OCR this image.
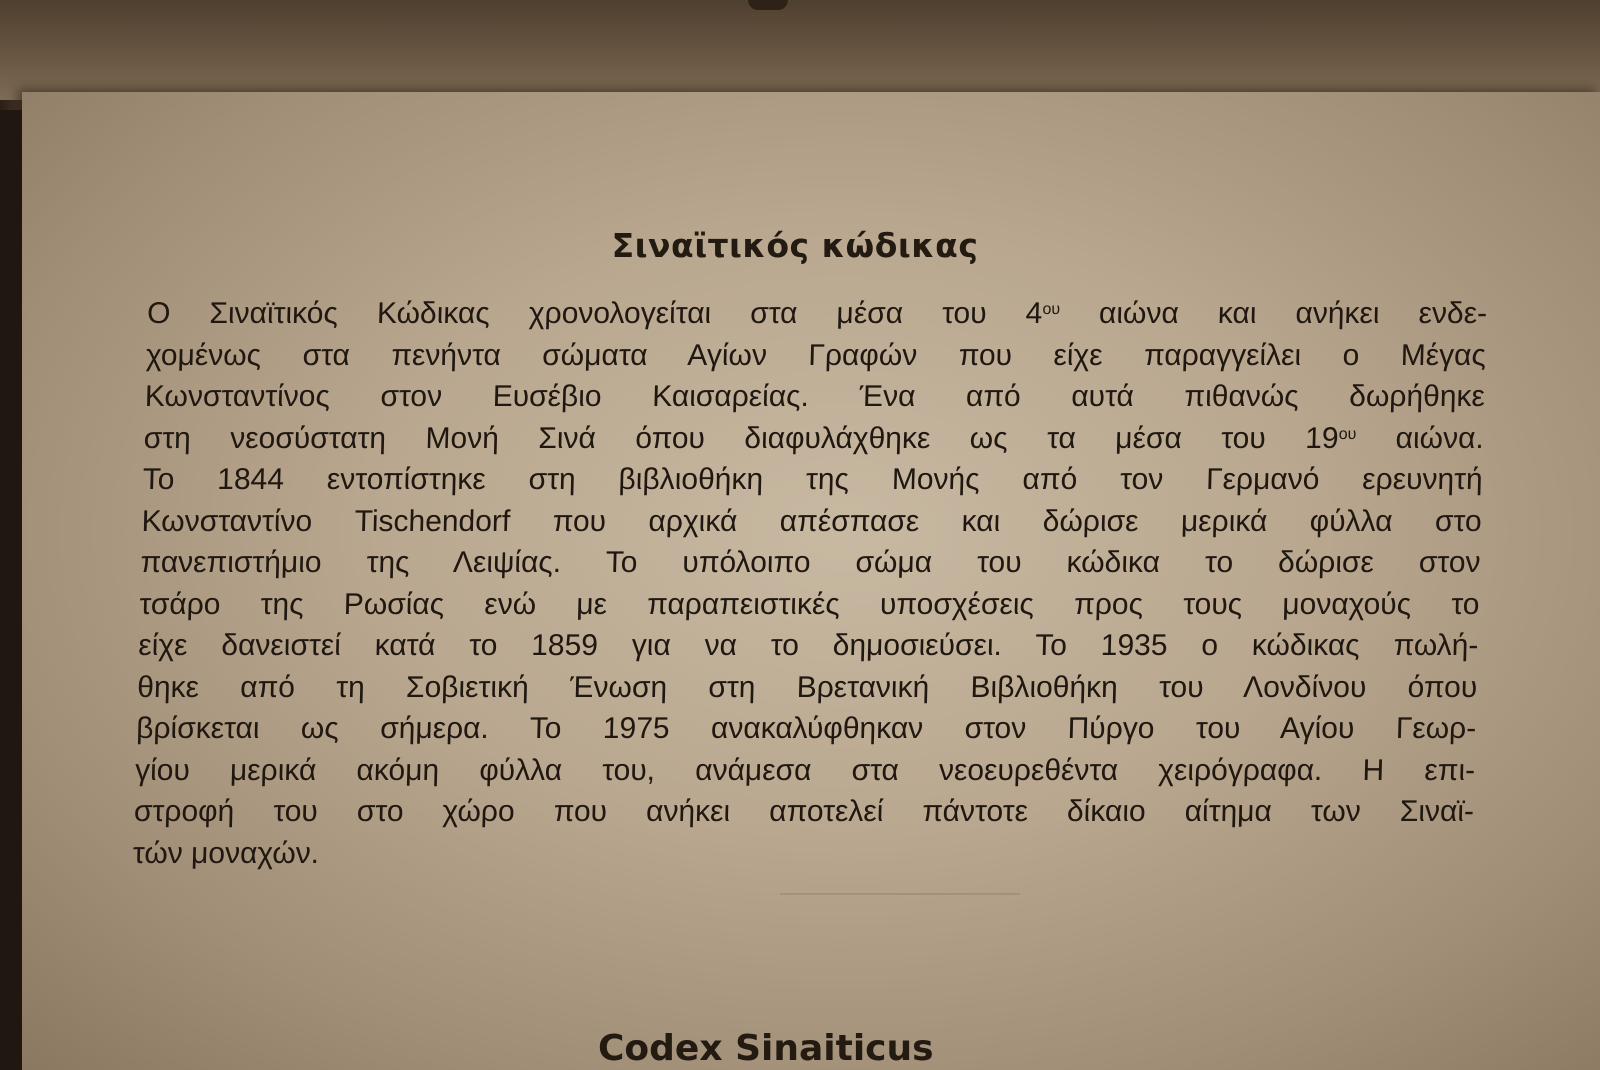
Σιναϊτικός κώδικας
Ο Σιναϊτικός Κώδικας χρονολογείται στα μέσα του $4^{o\upsilon}$ αιώνα και ανήκει ενδε-
χομένως στα πενήντα σώματα Αγίων Γραφών που είχε παραγγείλει ο Μέγας
Κωνσταντίνος στον Ευσέβιο Καισαρείας. Ένα από αυτά πιθανώς δωρήθηκε
στη νεοσύστατη Μονή Σινά όπου διαφυλάχθηκε ως τα μέσα του $19^{o\upsilon}$ αιώνα.
Το 1844 εντοπίστηκε στη βιβλιοθήκη της Μονής από τον Γερμανό ερευνητή
Κωνσταντίνο Tischendorf που αρχικά απέσπασε και δώρισε μερικά φύλλα στο
πανεπιστήμιο της Λειψίας. Το υπόλοιπο σώμα του κώδικα το δώρισε στον
τσάρο της Ρωσίας ενώ με παραπειστικές υποσχέσεις προς τους μοναχούς το
είχε δανειστεί κατά το 1859 για να το δημοσιεύσει. Το 1935 ο κώδικας πωλή-
θηκε από τη Σοβιετική Ένωση στη Βρετανική Βιβλιοθήκη του Λονδίνου όπου
βρίσκεται ως σήμερα. Το 1975 ανακαλύφθηκαν στον Πύργο του Αγίου Γεωρ-
γίου μερικά ακόμη φύλλα του, ανάμεσα στα νεοευρεθέντα χειρόγραφα. Η επι-
στροφή του στο χώρο που ανήκει αποτελεί πάντοτε δίκαιο αίτημα των Σιναϊ-
τών μοναχών.
Codex Sinaiticus
